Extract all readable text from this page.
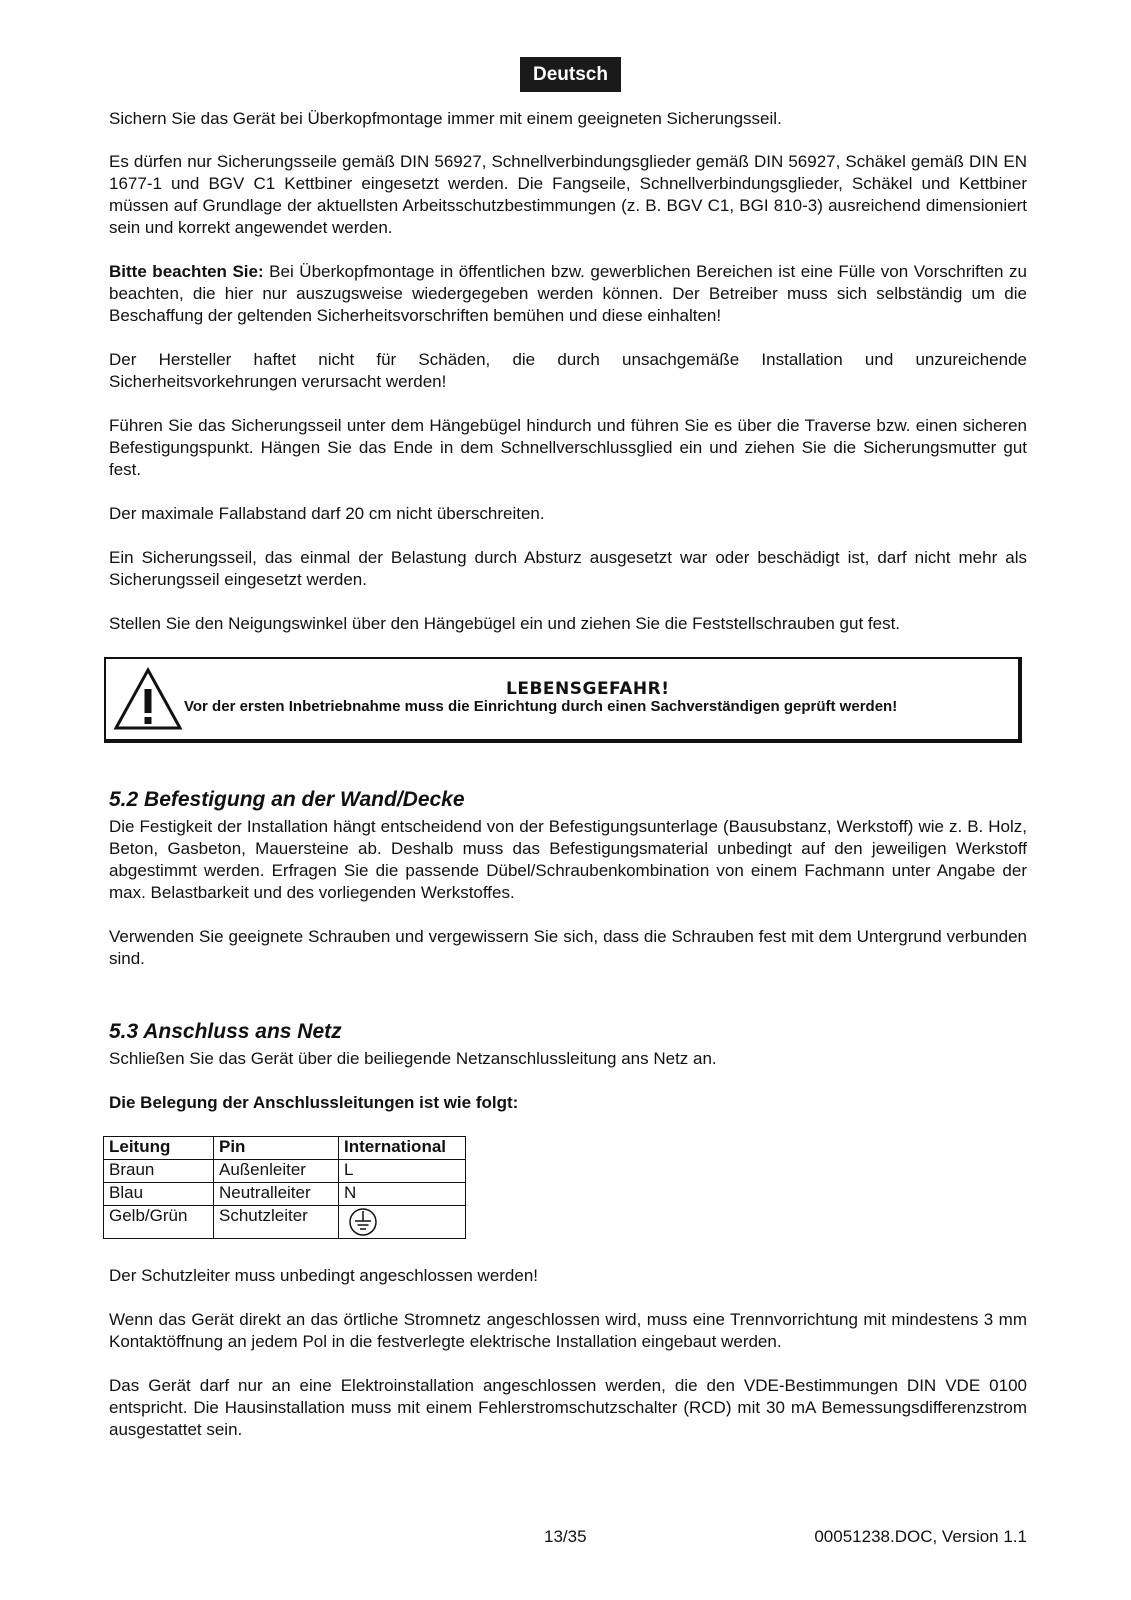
Deutsch

Sichern Sie das Gerät bei Überkopfmontage immer mit einem geeigneten Sicherungsseil.

Es dürfen nur Sicherungsseile gemäß DIN 56927, Schnellverbindungsglieder gemäß DIN 56927, Schäkel gemäß DIN EN 1677-1 und BGV C1 Kettbiner eingesetzt werden. Die Fangseile, Schnellverbindungsglieder, Schäkel und Kettbiner müssen auf Grundlage der aktuellsten Arbeitsschutzbestimmungen (z. B. BGV C1, BGI 810-3) ausreichend dimensioniert sein und korrekt angewendet werden.

Bitte beachten Sie: Bei Überkopfmontage in öffentlichen bzw. gewerblichen Bereichen ist eine Fülle von Vorschriften zu beachten, die hier nur auszugsweise wiedergegeben werden können. Der Betreiber muss sich selbständig um die Beschaffung der geltenden Sicherheitsvorschriften bemühen und diese einhalten!

Der Hersteller haftet nicht für Schäden, die durch unsachgemäße Installation und unzureichende Sicherheitsvorkehrungen verursacht werden!

Führen Sie das Sicherungsseil unter dem Hängebügel hindurch und führen Sie es über die Traverse bzw. einen sicheren Befestigungspunkt. Hängen Sie das Ende in dem Schnellverschlussglied ein und ziehen Sie die Sicherungsmutter gut fest.

Der maximale Fallabstand darf 20 cm nicht überschreiten.

Ein Sicherungsseil, das einmal der Belastung durch Absturz ausgesetzt war oder beschädigt ist, darf nicht mehr als Sicherungsseil eingesetzt werden.

Stellen Sie den Neigungswinkel über den Hängebügel ein und ziehen Sie die Feststellschrauben gut fest.

LEBENSGEFAHR!
Vor der ersten Inbetriebnahme muss die Einrichtung durch einen Sachverständigen geprüft werden!
5.2 Befestigung an der Wand/Decke

Die Festigkeit der Installation hängt entscheidend von der Befestigungsunterlage (Bausubstanz, Werkstoff) wie z. B. Holz, Beton, Gasbeton, Mauersteine ab. Deshalb muss das Befestigungsmaterial unbedingt auf den jeweiligen Werkstoff abgestimmt werden. Erfragen Sie die passende Dübel/Schraubenkombination von einem Fachmann unter Angabe der max. Belastbarkeit und des vorliegenden Werkstoffes.

Verwenden Sie geeignete Schrauben und vergewissern Sie sich, dass die Schrauben fest mit dem Untergrund verbunden sind.

5.3 Anschluss ans Netz

Schließen Sie das Gerät über die beiliegende Netzanschlussleitung ans Netz an.

Die Belegung der Anschlussleitungen ist wie folgt:

Leitung	Pin	International
Braun	Außenleiter	L
Blau	Neutralleiter	N
Gelb/Grün	Schutzleiter	

Der Schutzleiter muss unbedingt angeschlossen werden!

Wenn das Gerät direkt an das örtliche Stromnetz angeschlossen wird, muss eine Trennvorrichtung mit mindestens 3 mm Kontaktöffnung an jedem Pol in die festverlegte elektrische Installation eingebaut werden.

Das Gerät darf nur an eine Elektroinstallation angeschlossen werden, die den VDE-Bestimmungen DIN VDE 0100 entspricht. Die Hausinstallation muss mit einem Fehlerstromschutzschalter (RCD) mit 30 mA Bemessungsdifferenzstrom ausgestattet sein.

13/35	00051238.DOC, Version 1.1
